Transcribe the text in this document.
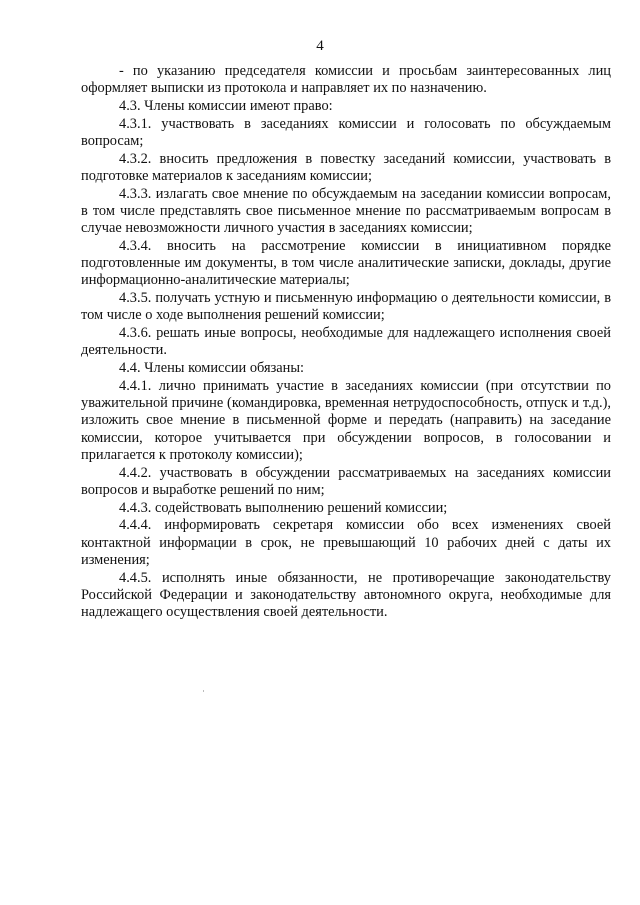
4

- по указанию председателя комиссии и просьбам заинтересованных лиц оформляет выписки из протокола и направляет их по назначению.

4.3. Члены комиссии имеют право:

4.3.1. участвовать в заседаниях комиссии и голосовать по обсуждаемым вопросам;

4.3.2. вносить предложения в повестку заседаний комиссии, участвовать в подготовке материалов к заседаниям комиссии;

4.3.3. излагать свое мнение по обсуждаемым на заседании комиссии вопросам, в том числе представлять свое письменное мнение по рассматриваемым вопросам в случае невозможности личного участия в заседаниях комиссии;

4.3.4. вносить на рассмотрение комиссии в инициативном порядке подготовленные им документы, в том числе аналитические записки, доклады, другие информационно-аналитические материалы;

4.3.5. получать устную и письменную информацию о деятельности комиссии, в том числе о ходе выполнения решений комиссии;

4.3.6. решать иные вопросы, необходимые для надлежащего исполнения своей деятельности.

4.4. Члены комиссии обязаны:

4.4.1. лично принимать участие в заседаниях комиссии (при отсутствии по уважительной причине (командировка, временная нетрудоспособность, отпуск и т.д.), изложить свое мнение в письменной форме и передать (направить) на заседание комиссии, которое учитывается при обсуждении вопросов, в голосовании и прилагается к протоколу комиссии);

4.4.2. участвовать в обсуждении рассматриваемых на заседаниях комиссии вопросов и выработке решений по ним;

4.4.3. содействовать выполнению решений комиссии;

4.4.4. информировать секретаря комиссии обо всех изменениях своей контактной информации в срок, не превышающий 10 рабочих дней с даты их изменения;

4.4.5. исполнять иные обязанности, не противоречащие законодательству Российской Федерации и законодательству автономного округа, необходимые для надлежащего осуществления своей деятельности.
